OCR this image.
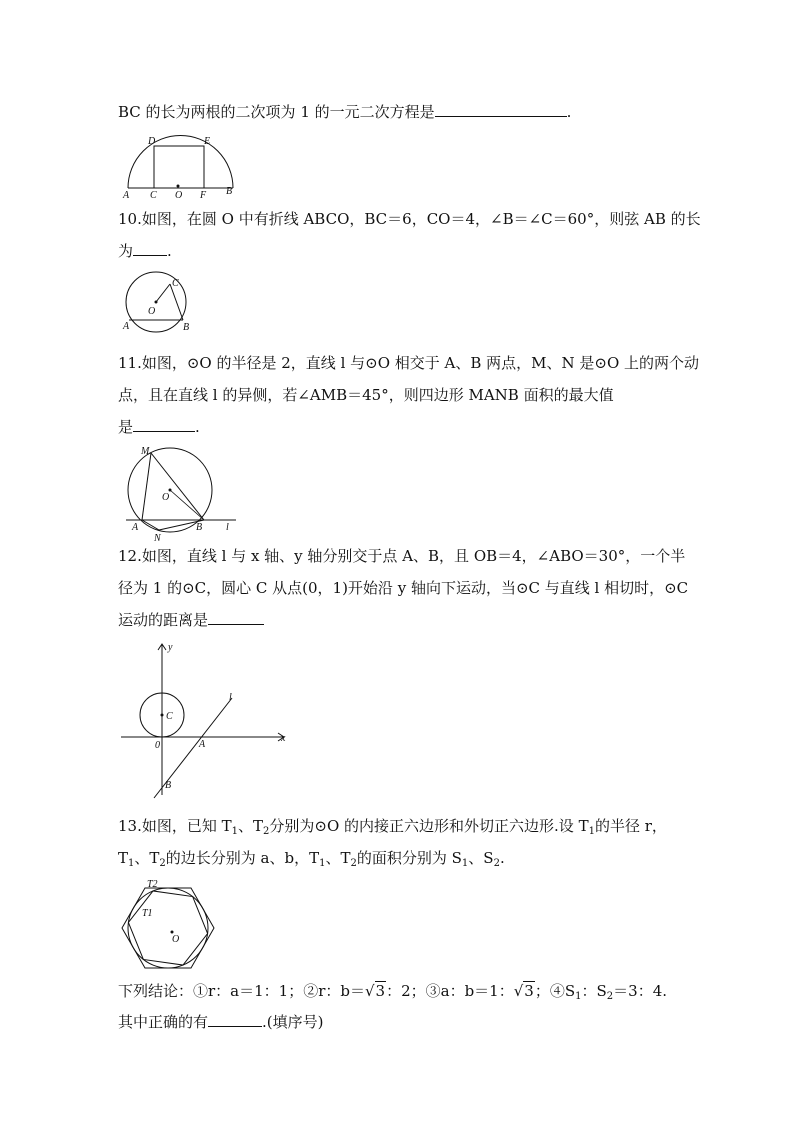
BC 的长为两根的二次项为 1 的一元二次方程是	.
D	E
A C O F B
10.如图，在圆 O 中有折线 ABCO，BC＝6，CO＝4，∠B＝∠C＝60°，则弦 AB 的长
为 .
C
O
A	B
11.如图，⊙O 的半径是 2，直线 l 与⊙O 相交于 A、B 两点，M、N 是⊙O 上的两个动
点，且在直线 l 的异侧，若∠AMB＝45°，则四边形 MANB 面积的最大值
是	.
M
O
A
N
B l
12.如图，直线 l 与 x 轴、y 轴分别交于点 A、B，且 OB＝4，∠ABO＝30°，一个半
径为 1 的⊙C，圆心 C 从点(0，1)开始沿 y 轴向下运动，当⊙C 与直线 l 相切时，⊙C
运动的距离是
y
l
C
0	A
x
B
13.如图，已知 $T_1$、$T_2$分别为⊙O 的内接正六边形和外切正六边形.设 $T_1$的半径 r，
$T_1$、$T_2$的边长分别为 a、b，$T_1$、$T_2$的面积分别为 $S_1$、$S_2$.
T2
T1
O
下列结论：①r：a＝1：1；②r：b＝√3：2；③a：b＝1：√3；$④S_1$：$S_2=3$：4.
其中正确的有	.(填序号)
